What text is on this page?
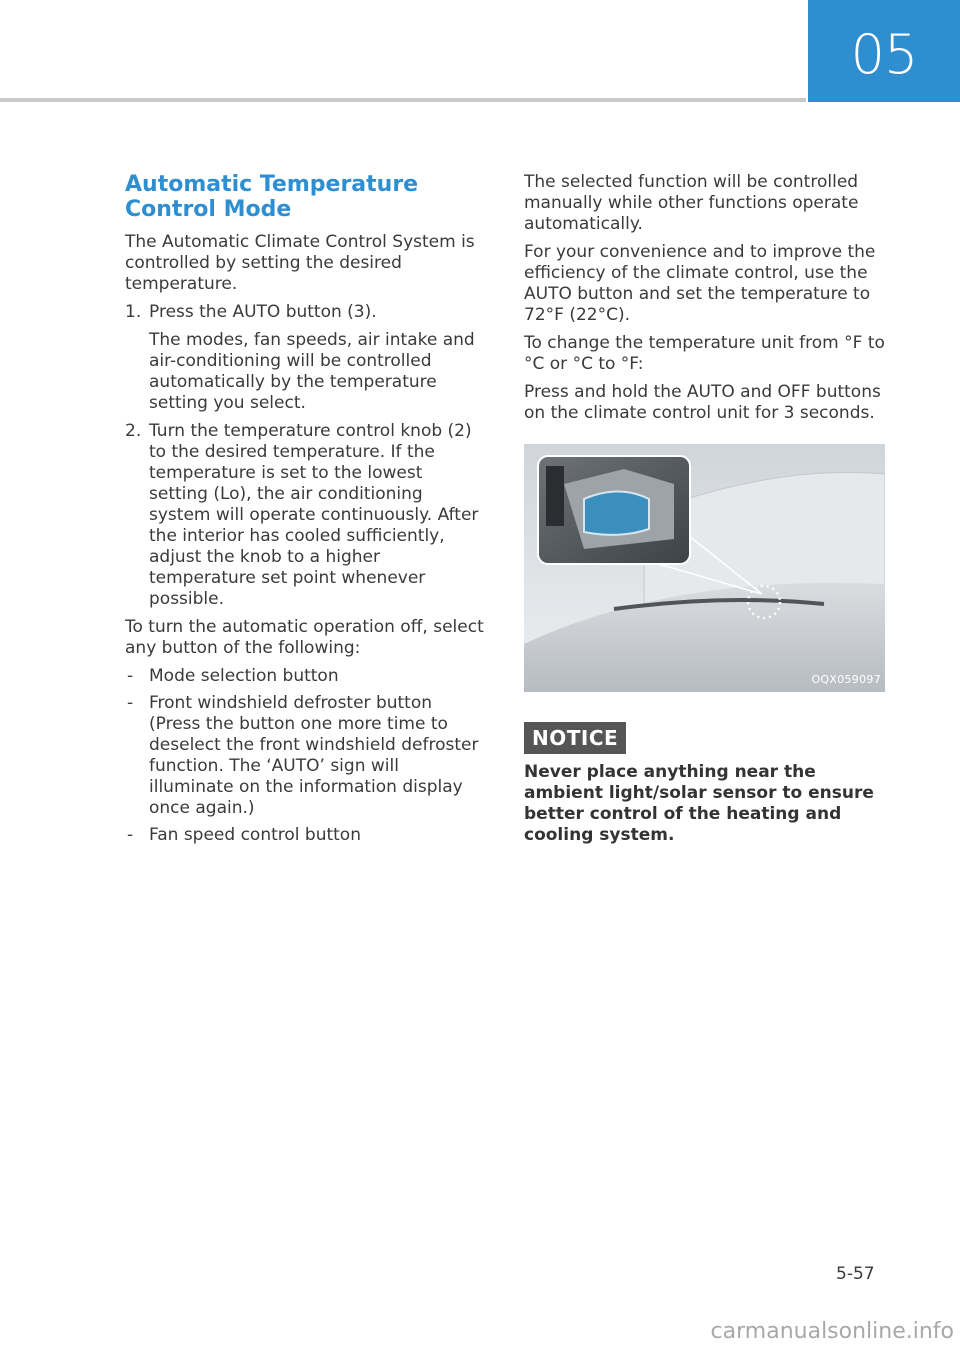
05
Automatic Temperature Control Mode

The Automatic Climate Control System is controlled by setting the desired temperature.

1. Press the AUTO button (3).
The modes, fan speeds, air intake and air-conditioning will be controlled automatically by the temperature setting you select.
2. Turn the temperature control knob (2) to the desired temperature. If the temperature is set to the lowest setting (Lo), the air conditioning system will operate continuously. After the interior has cooled sufficiently, adjust the knob to a higher temperature set point whenever possible.

To turn the automatic operation off, select any button of the following:

- Mode selection button
- Front windshield defroster button (Press the button one more time to deselect the front windshield defroster function. The ‘AUTO’ sign will illuminate on the information display once again.)
- Fan speed control button

The selected function will be controlled manually while other functions operate automatically.

For your convenience and to improve the efficiency of the climate control, use the AUTO button and set the temperature to 72°F (22°C).

To change the temperature unit from °F to °C or °C to °F:

Press and hold the AUTO and OFF buttons on the climate control unit for 3 seconds.

OQX059097
NOTICE

Never place anything near the ambient light/solar sensor to ensure better control of the heating and cooling system.

5-57
carmanualsonline.info
